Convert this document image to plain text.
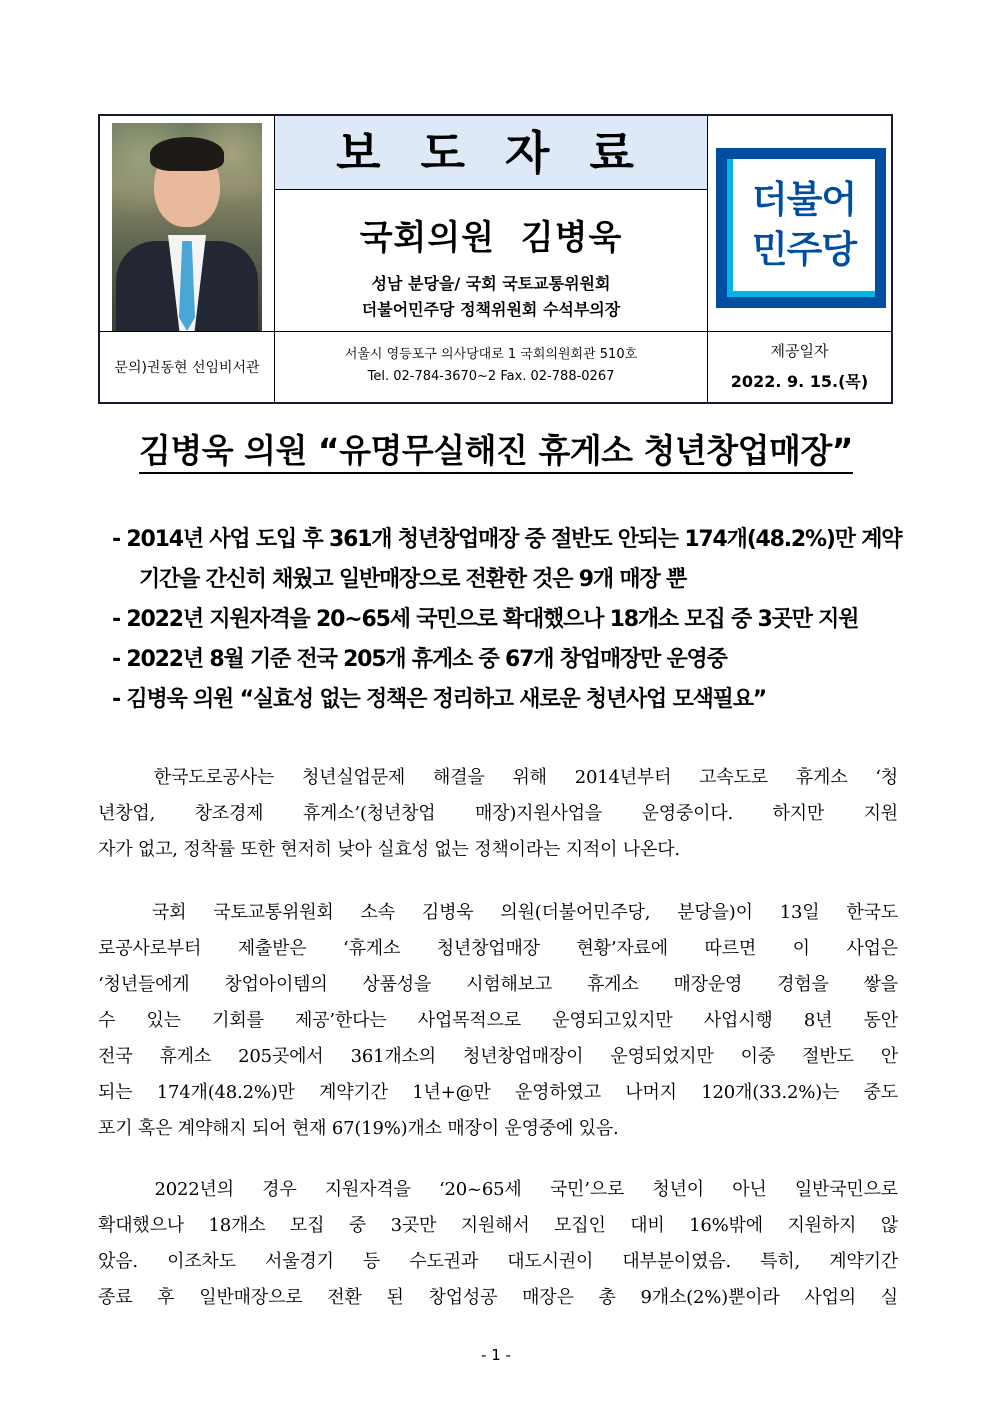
보 도 자 료
더불어
민주당
국회의원  김병욱
성남 분당을/ 국회 국토교통위원회
더불어민주당 정책위원회 수석부의장
문의)권동현 선임비서관
서울시 영등포구 의사당대로 1 국회의원회관 510호
Tel. 02-784-3670~2 Fax. 02-788-0267
제공일자
2022. 9. 15.(목)
김병욱 의원 “유명무실해진 휴게소 청년창업매장”
- 2014년 사업 도입 후 361개 청년창업매장 중 절반도 안되는 174개(48.2%)만 계약
기간을 간신히 채웠고 일반매장으로 전환한 것은 9개 매장 뿐
- 2022년 지원자격을 20~65세 국민으로 확대했으나 18개소 모집 중 3곳만 지원
- 2022년 8월 기준 전국 205개 휴게소 중 67개 창업매장만 운영중
- 김병욱 의원 “실효성 없는 정책은 정리하고 새로운 청년사업 모색필요”
한국도로공사는 청년실업문제 해결을 위해 2014년부터 고속도로 휴게소 ‘청
년창업, 창조경제 휴게소’(청년창업 매장)지원사업을 운영중이다. 하지만 지원
자가 없고, 정착률 또한 현저히 낮아 실효성 없는 정책이라는 지적이 나온다.
국회 국토교통위원회 소속 김병욱 의원(더불어민주당, 분당을)이 13일 한국도
로공사로부터 제출받은 ‘휴게소 청년창업매장 현황’자료에 따르면 이 사업은
‘청년들에게 창업아이템의 상품성을 시험해보고 휴게소 매장운영 경험을 쌓을
수 있는 기회를 제공’한다는 사업목적으로 운영되고있지만 사업시행 8년 동안
전국 휴게소 205곳에서 361개소의 청년창업매장이 운영되었지만 이중 절반도 안
되는 174개(48.2%)만 계약기간 1년+@만 운영하였고 나머지 120개(33.2%)는 중도
포기 혹은 계약해지 되어 현재 67(19%)개소 매장이 운영중에 있음.
2022년의 경우 지원자격을 ‘20~65세 국민’으로 청년이 아닌 일반국민으로
확대했으나 18개소 모집 중 3곳만 지원해서 모집인 대비 16%밖에 지원하지 않
았음. 이조차도 서울경기 등 수도권과 대도시권이 대부분이였음. 특히, 계약기간
종료 후 일반매장으로 전환 된 창업성공 매장은 총 9개소(2%)뿐이라 사업의 실
- 1 -
